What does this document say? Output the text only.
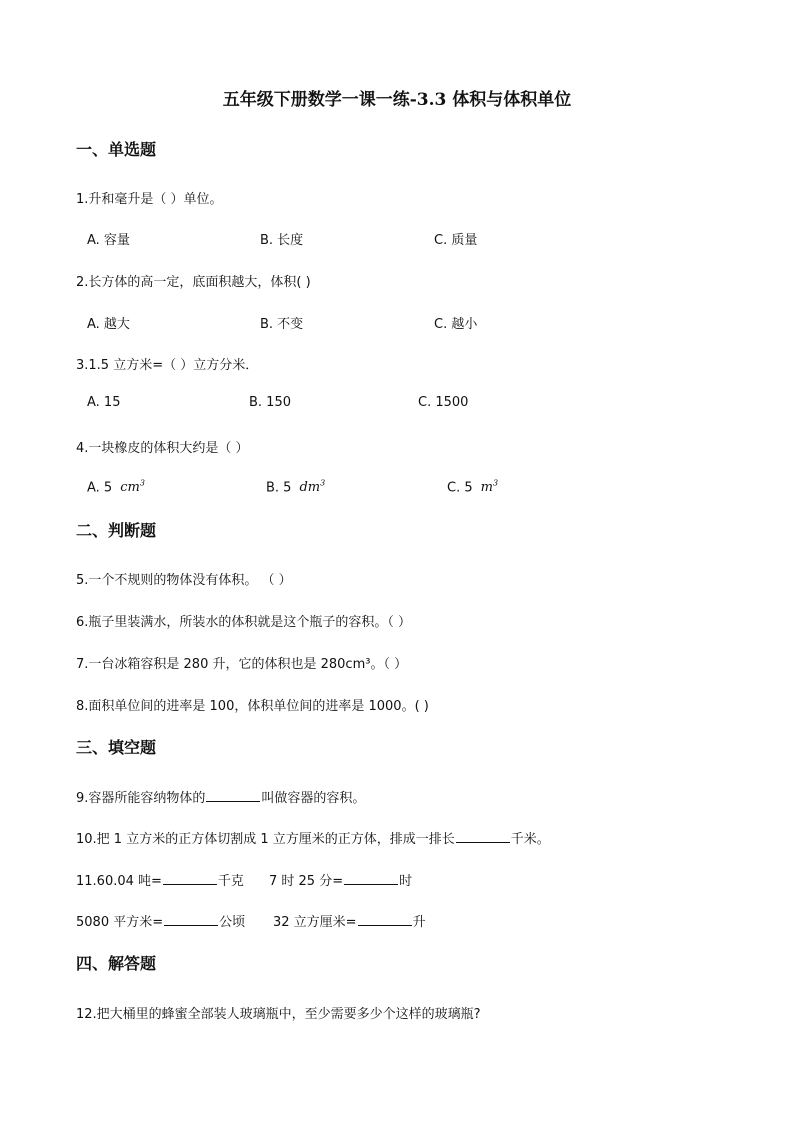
五年级下册数学一课一练-3.3 体积与体积单位
一、单选题
1.升和毫升是（ ）单位。
A. 容量	B. 长度	C. 质量
2.长方体的高一定，底面积越大，体积( )
A. 越大	B. 不变	C. 越小
3.1.5 立方米=（ ）立方分米．
A. 15	B. 150	C. 1500
4.一块橡皮的体积大约是（ ）
A. 5 $cm^3$	B. 5 $dm^3$	C. 5 $m^3$
二、判断题
5.一个不规则的物体没有体积。 （ ）
6.瓶子里装满水，所装水的体积就是这个瓶子的容积。（ ）
7.一台冰箱容积是 280 升，它的体积也是 280cm³。（ ）
8.面积单位间的进率是 100，体积单位间的进率是 1000。( )
三、填空题
9.容器所能容纳物体的	叫做容器的容积。
10.把 1 立方米的正方体切割成 1 立方厘米的正方体，排成一排长	千米。
11.60.04 吨=	千克 7 时 25 分=	时
5080 平方米=	公顷 32 立方厘米=	升
四、解答题
12.把大桶里的蜂蜜全部装人玻璃瓶中，至少需要多少个这样的玻璃瓶?
